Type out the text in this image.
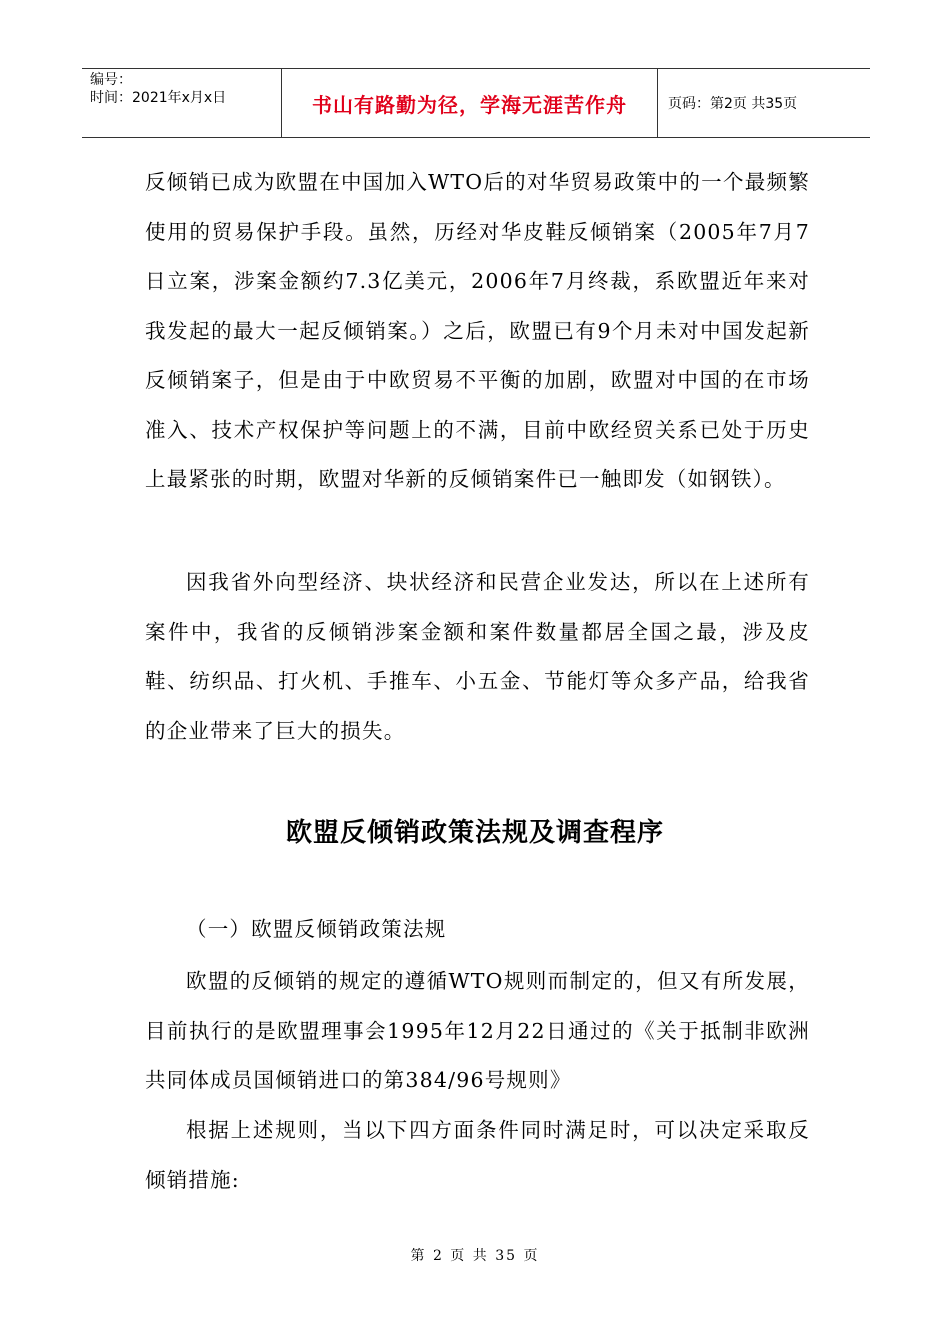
编号：
时间：2021年x月x日	书山有路勤为径，学海无涯苦作舟	页码：第2页 共35页

反倾销已成为欧盟在中国加入WTO后的对华贸易政策中的一个最频繁使用的贸易保护手段。虽然，历经对华皮鞋反倾销案（2005年7月7日立案，涉案金额约7.3亿美元，2006年7月终裁，系欧盟近年来对我发起的最大一起反倾销案。）之后，欧盟已有9个月未对中国发起新反倾销案子，但是由于中欧贸易不平衡的加剧，欧盟对中国的在市场准入、技术产权保护等问题上的不满，目前中欧经贸关系已处于历史上最紧张的时期，欧盟对华新的反倾销案件已一触即发（如钢铁）。

因我省外向型经济、块状经济和民营企业发达，所以在上述所有案件中，我省的反倾销涉案金额和案件数量都居全国之最，涉及皮鞋、纺织品、打火机、手推车、小五金、节能灯等众多产品，给我省的企业带来了巨大的损失。

欧盟反倾销政策法规及调查程序
（一）欧盟反倾销政策法规

欧盟的反倾销的规定的遵循WTO规则而制定的，但又有所发展，目前执行的是欧盟理事会1995年12月22日通过的《关于抵制非欧洲共同体成员国倾销进口的第384/96号规则》

根据上述规则，当以下四方面条件同时满足时，可以决定采取反倾销措施:

第 2 页 共 35 页
